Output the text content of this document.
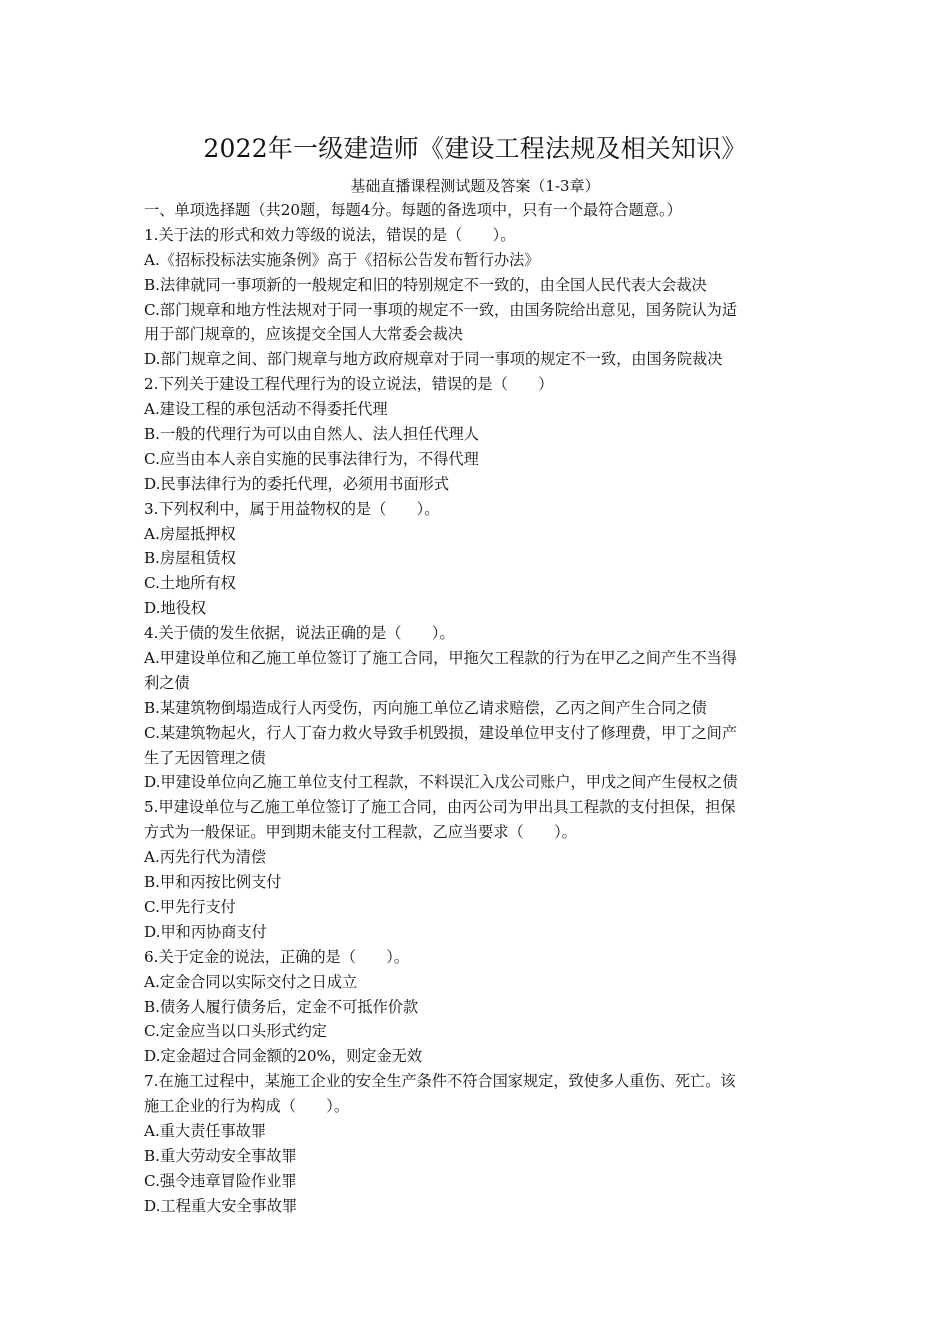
2022年一级建造师《建设工程法规及相关知识》
基础直播课程测试题及答案（1-3章）
一、单项选择题（共20题，每题4分。每题的备选项中，只有一个最符合题意。）
1.关于法的形式和效力等级的说法，错误的是（　　）。
A.《招标投标法实施条例》高于《招标公告发布暂行办法》
B.法律就同一事项新的一般规定和旧的特别规定不一致的，由全国人民代表大会裁决
C.部门规章和地方性法规对于同一事项的规定不一致，由国务院给出意见，国务院认为适
用于部门规章的，应该提交全国人大常委会裁决
D.部门规章之间、部门规章与地方政府规章对于同一事项的规定不一致，由国务院裁决
2.下列关于建设工程代理行为的设立说法，错误的是（　　）
A.建设工程的承包活动不得委托代理
B.一般的代理行为可以由自然人、法人担任代理人
C.应当由本人亲自实施的民事法律行为，不得代理
D.民事法律行为的委托代理，必须用书面形式
3.下列权利中，属于用益物权的是（　　）。
A.房屋抵押权
B.房屋租赁权
C.土地所有权
D.地役权
4.关于债的发生依据，说法正确的是（　　）。
A.甲建设单位和乙施工单位签订了施工合同，甲拖欠工程款的行为在甲乙之间产生不当得
利之债
B.某建筑物倒塌造成行人丙受伤，丙向施工单位乙请求赔偿，乙丙之间产生合同之债
C.某建筑物起火，行人丁奋力救火导致手机毁损，建设单位甲支付了修理费，甲丁之间产
生了无因管理之债
D.甲建设单位向乙施工单位支付工程款，不料误汇入戊公司账户，甲戊之间产生侵权之债
5.甲建设单位与乙施工单位签订了施工合同，由丙公司为甲出具工程款的支付担保，担保
方式为一般保证。甲到期未能支付工程款，乙应当要求（　　）。
A.丙先行代为清偿
B.甲和丙按比例支付
C.甲先行支付
D.甲和丙协商支付
6.关于定金的说法，正确的是（　　）。
A.定金合同以实际交付之日成立
B.债务人履行债务后，定金不可抵作价款
C.定金应当以口头形式约定
D.定金超过合同金额的20%，则定金无效
7.在施工过程中，某施工企业的安全生产条件不符合国家规定，致使多人重伤、死亡。该
施工企业的行为构成（　　）。
A.重大责任事故罪
B.重大劳动安全事故罪
C.强令违章冒险作业罪
D.工程重大安全事故罪
